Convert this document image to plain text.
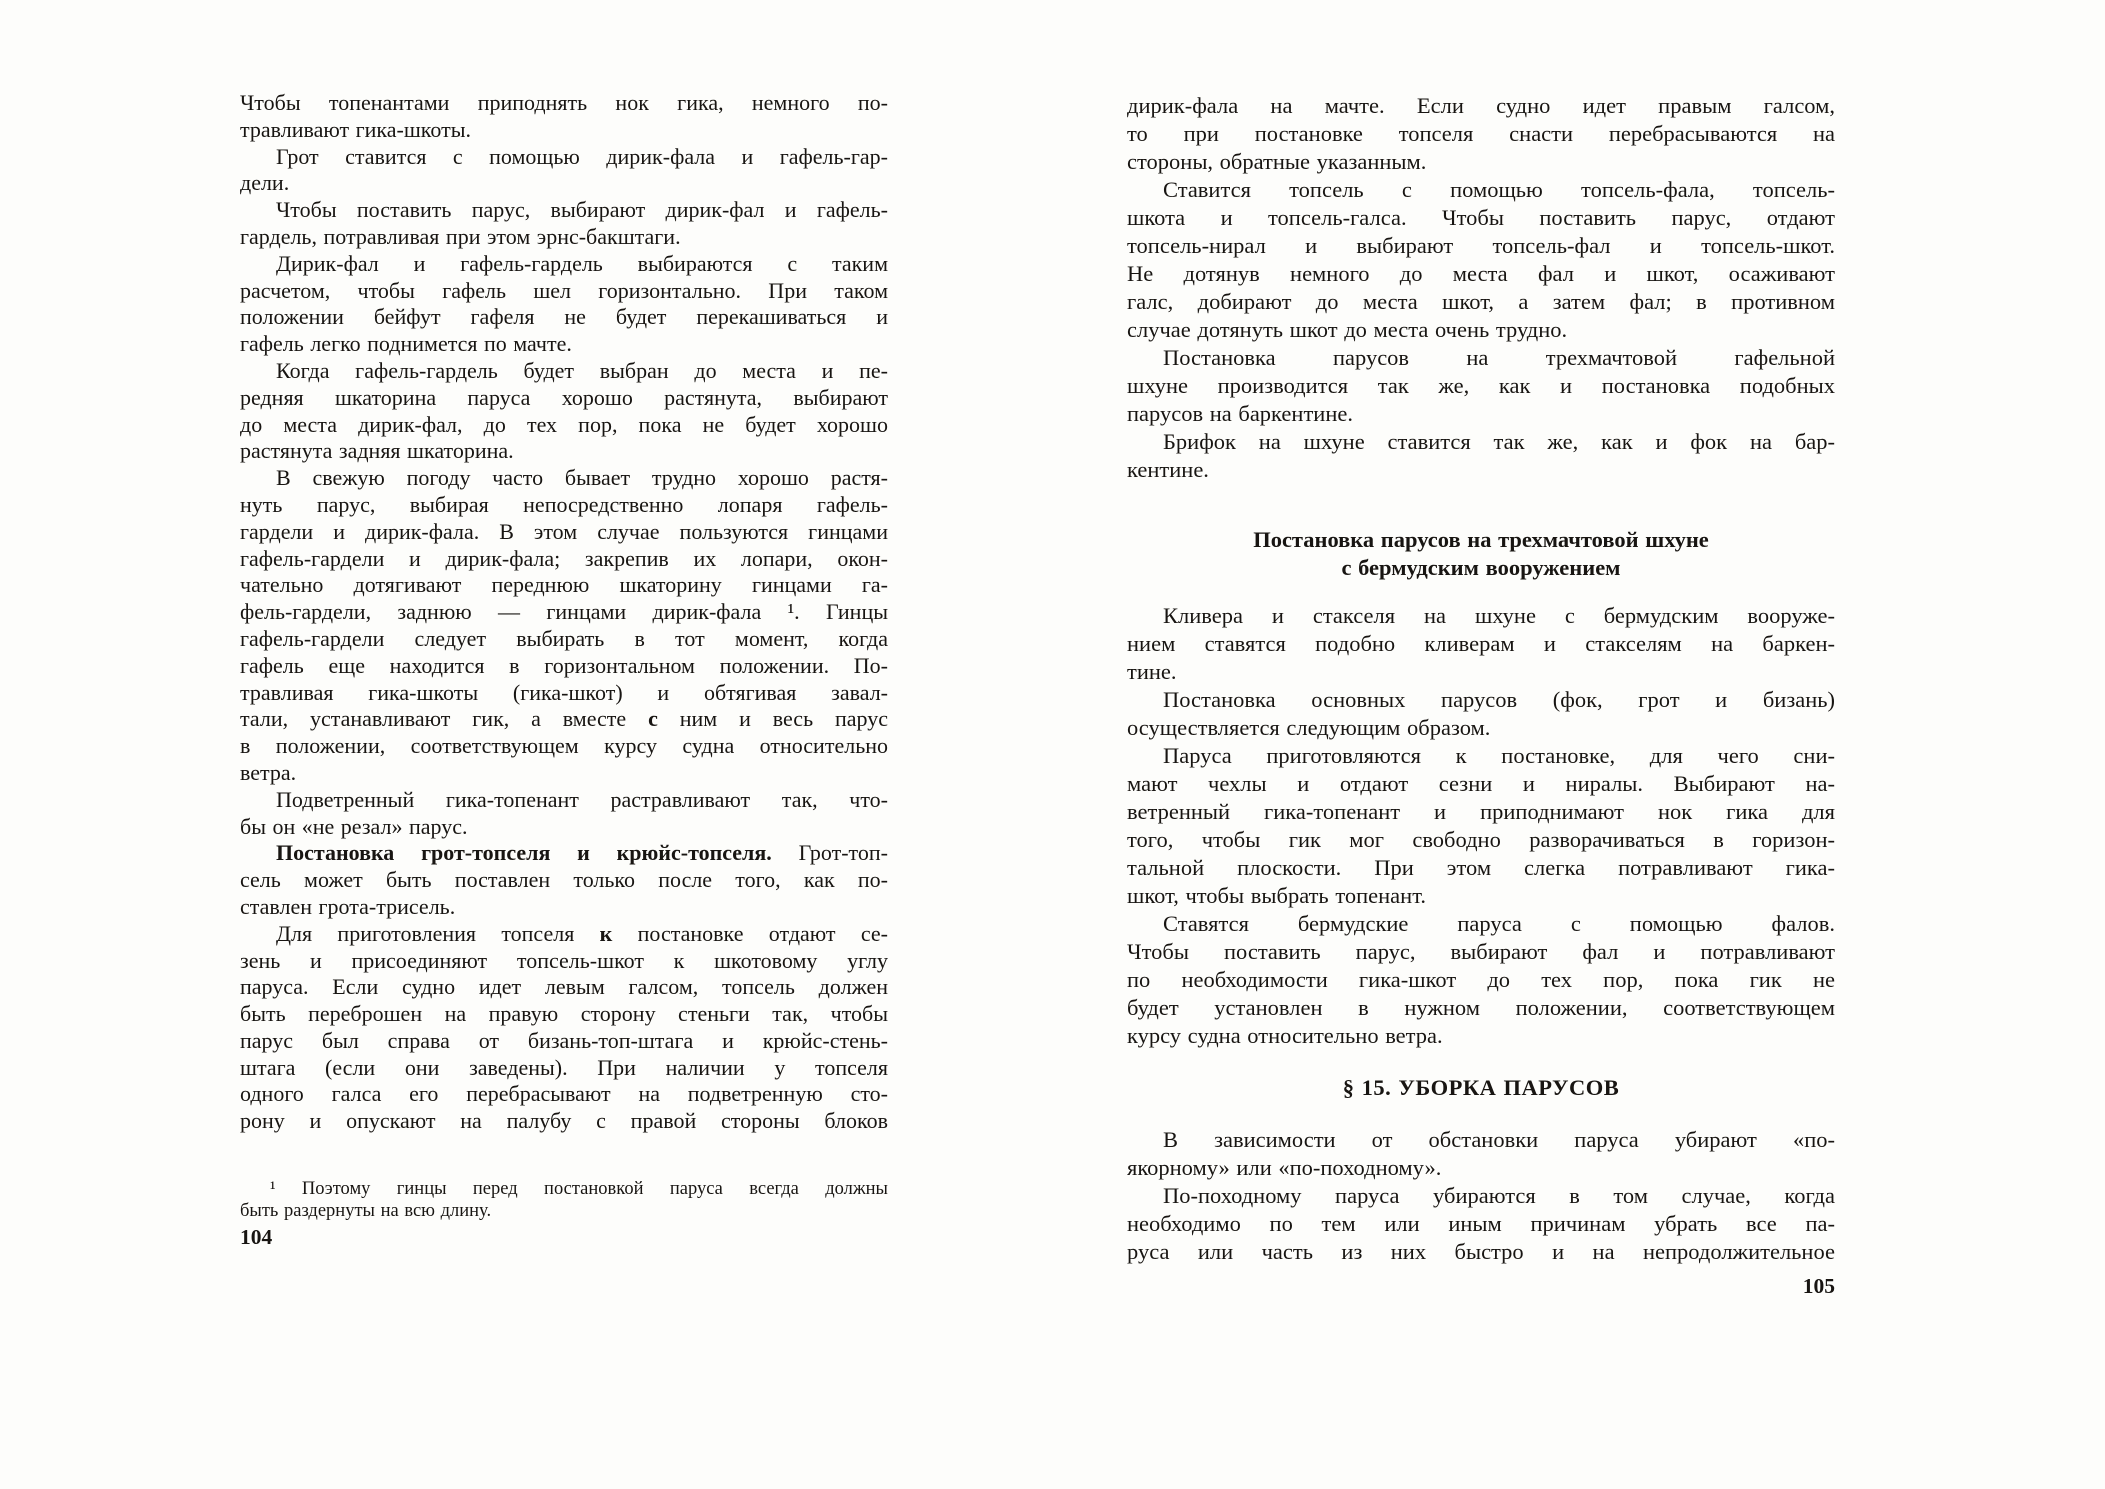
Чтобы топенантами приподнять нок гика, немного по-
травливают гика-шкоты.
Грот ставится с помощью дирик-фала и гафель-гар-
дели.
Чтобы поставить парус, выбирают дирик-фал и гафель-
гардель, потравливая при этом эрнс-бакштаги.
Дирик-фал и гафель-гардель выбираются с таким
расчетом, чтобы гафель шел горизонтально. При таком
положении бейфут гафеля не будет перекашиваться и
гафель легко поднимется по мачте.
Когда гафель-гардель будет выбран до места и пе-
редняя шкаторина паруса хорошо растянута, выбирают
до места дирик-фал, до тех пор, пока не будет хорошо
растянута задняя шкаторина.
В свежую погоду часто бывает трудно хорошо растя-
нуть парус, выбирая непосредственно лопаря гафель-
гардели и дирик-фала. В этом случае пользуются гинцами
гафель-гардели и дирик-фала; закрепив их лопари, окон-
чательно дотягивают переднюю шкаторину гинцами га-
фель-гардели, заднюю — гинцами дирик-фала ¹. Гинцы
гафель-гардели следует выбирать в тот момент, когда
гафель еще находится в горизонтальном положении. По-
травливая гика-шкоты (гика-шкот) и обтягивая завал-
тали, устанавливают гик, а вместе с ним и весь парус
в положении, соответствующем курсу судна относительно
ветра.
Подветренный гика-топенант растравливают так, что-
бы он «не резал» парус.
Постановка грот-топселя и крюйс-топселя. Грот-топ-
сель может быть поставлен только после того, как по-
ставлен грота-трисель.
Для приготовления топселя к постановке отдают се-
зень и присоединяют топсель-шкот к шкотовому углу
паруса. Если судно идет левым галсом, топсель должен
быть переброшен на правую сторону стеньги так, чтобы
парус был справа от бизань-топ-штага и крюйс-стень-
штага (если они заведены). При наличии у топселя
одного галса его перебрасывают на подветренную сто-
рону и опускают на палубу с правой стороны блоков
¹ Поэтому гинцы перед постановкой паруса всегда должны
быть раздернуты на всю длину.
104
дирик-фала на мачте. Если судно идет правым галсом,
то при постановке топселя снасти перебрасываются на
стороны, обратные указанным.
Ставится топсель с помощью топсель-фала, топсель-
шкота и топсель-галса. Чтобы поставить парус, отдают
топсель-нирал и выбирают топсель-фал и топсель-шкот.
Не дотянув немного до места фал и шкот, осаживают
галс, добирают до места шкот, а затем фал; в противном
случае дотянуть шкот до места очень трудно.
Постановка парусов на трехмачтовой гафельной
шхуне производится так же, как и постановка подобных
парусов на баркентине.
Брифок на шхуне ставится так же, как и фок на бар-
кентине.
Постановка парусов на трехмачтовой шхуне
с бермудским вооружением
Кливера и стакселя на шхуне с бермудским вооруже-
нием ставятся подобно кливерам и стакселям на баркен-
тине.
Постановка основных парусов (фок, грот и бизань)
осуществляется следующим образом.
Паруса приготовляются к постановке, для чего сни-
мают чехлы и отдают сезни и ниралы. Выбирают на-
ветренный гика-топенант и приподнимают нок гика для
того, чтобы гик мог свободно разворачиваться в горизон-
тальной плоскости. При этом слегка потравливают гика-
шкот, чтобы выбрать топенант.
Ставятся бермудские паруса с помощью фалов.
Чтобы поставить парус, выбирают фал и потравливают
по необходимости гика-шкот до тех пор, пока гик не
будет установлен в нужном положении, соответствующем
курсу судна относительно ветра.
§ 15. УБОРКА ПАРУСОВ
В зависимости от обстановки паруса убирают «по-
якорному» или «по-походному».
По-походному паруса убираются в том случае, когда
необходимо по тем или иным причинам убрать все па-
руса или часть из них быстро и на непродолжительное
105
